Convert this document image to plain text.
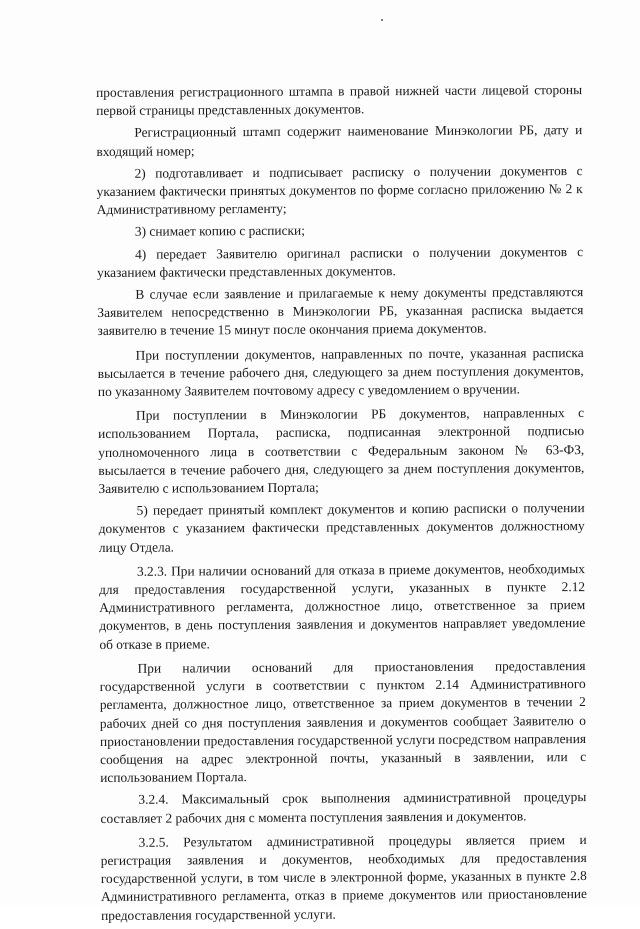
проставления регистрационного штампа в правой нижней части лицевой стороны первой страницы представленных документов.

Регистрационный штамп содержит наименование Минэкологии РБ, дату и входящий номер;

2) подготавливает и подписывает расписку о получении документов с указанием фактически принятых документов по форме согласно приложению № 2 к Административному регламенту;

3) снимает копию с расписки;

4) передает Заявителю оригинал расписки о получении документов с указанием фактически представленных документов.

В случае если заявление и прилагаемые к нему документы представляются Заявителем непосредственно в Минэкологии РБ, указанная расписка выдается заявителю в течение 15 минут после окончания приема документов.

При поступлении документов, направленных по почте, указанная расписка высылается в течение рабочего дня, следующего за днем поступления документов, по указанному Заявителем почтовому адресу с уведомлением о вручении.

При поступлении в Минэкологии РБ документов, направленных с использованием Портала, расписка, подписанная электронной подписью уполномоченного лица в соответствии с Федеральным законом № 63-ФЗ, высылается в течение рабочего дня, следующего за днем поступления документов, Заявителю с использованием Портала;

5) передает принятый комплект документов и копию расписки о получении документов с указанием фактически представленных документов должностному лицу Отдела.

3.2.3. При наличии оснований для отказа в приеме документов, необходимых для предоставления государственной услуги, указанных в пункте 2.12 Административного регламента, должностное лицо, ответственное за прием документов, в день поступления заявления и документов направляет уведомление об отказе в приеме.

При наличии оснований для приостановления предоставления государственной услуги в соответствии с пунктом 2.14 Административного регламента, должностное лицо, ответственное за прием документов в течении 2 рабочих дней со дня поступления заявления и документов сообщает Заявителю о приостановлении предоставления государственной услуги посредством направления сообщения на адрес электронной почты, указанный в заявлении, или с использованием Портала.

3.2.4. Максимальный срок выполнения административной процедуры составляет 2 рабочих дня с момента поступления заявления и документов.

3.2.5. Результатом административной процедуры является прием и регистрация заявления и документов, необходимых для предоставления государственной услуги, в том числе в электронной форме, указанных в пункте 2.8 Административного регламента, отказ в приеме документов или приостановление предоставления государственной услуги.
